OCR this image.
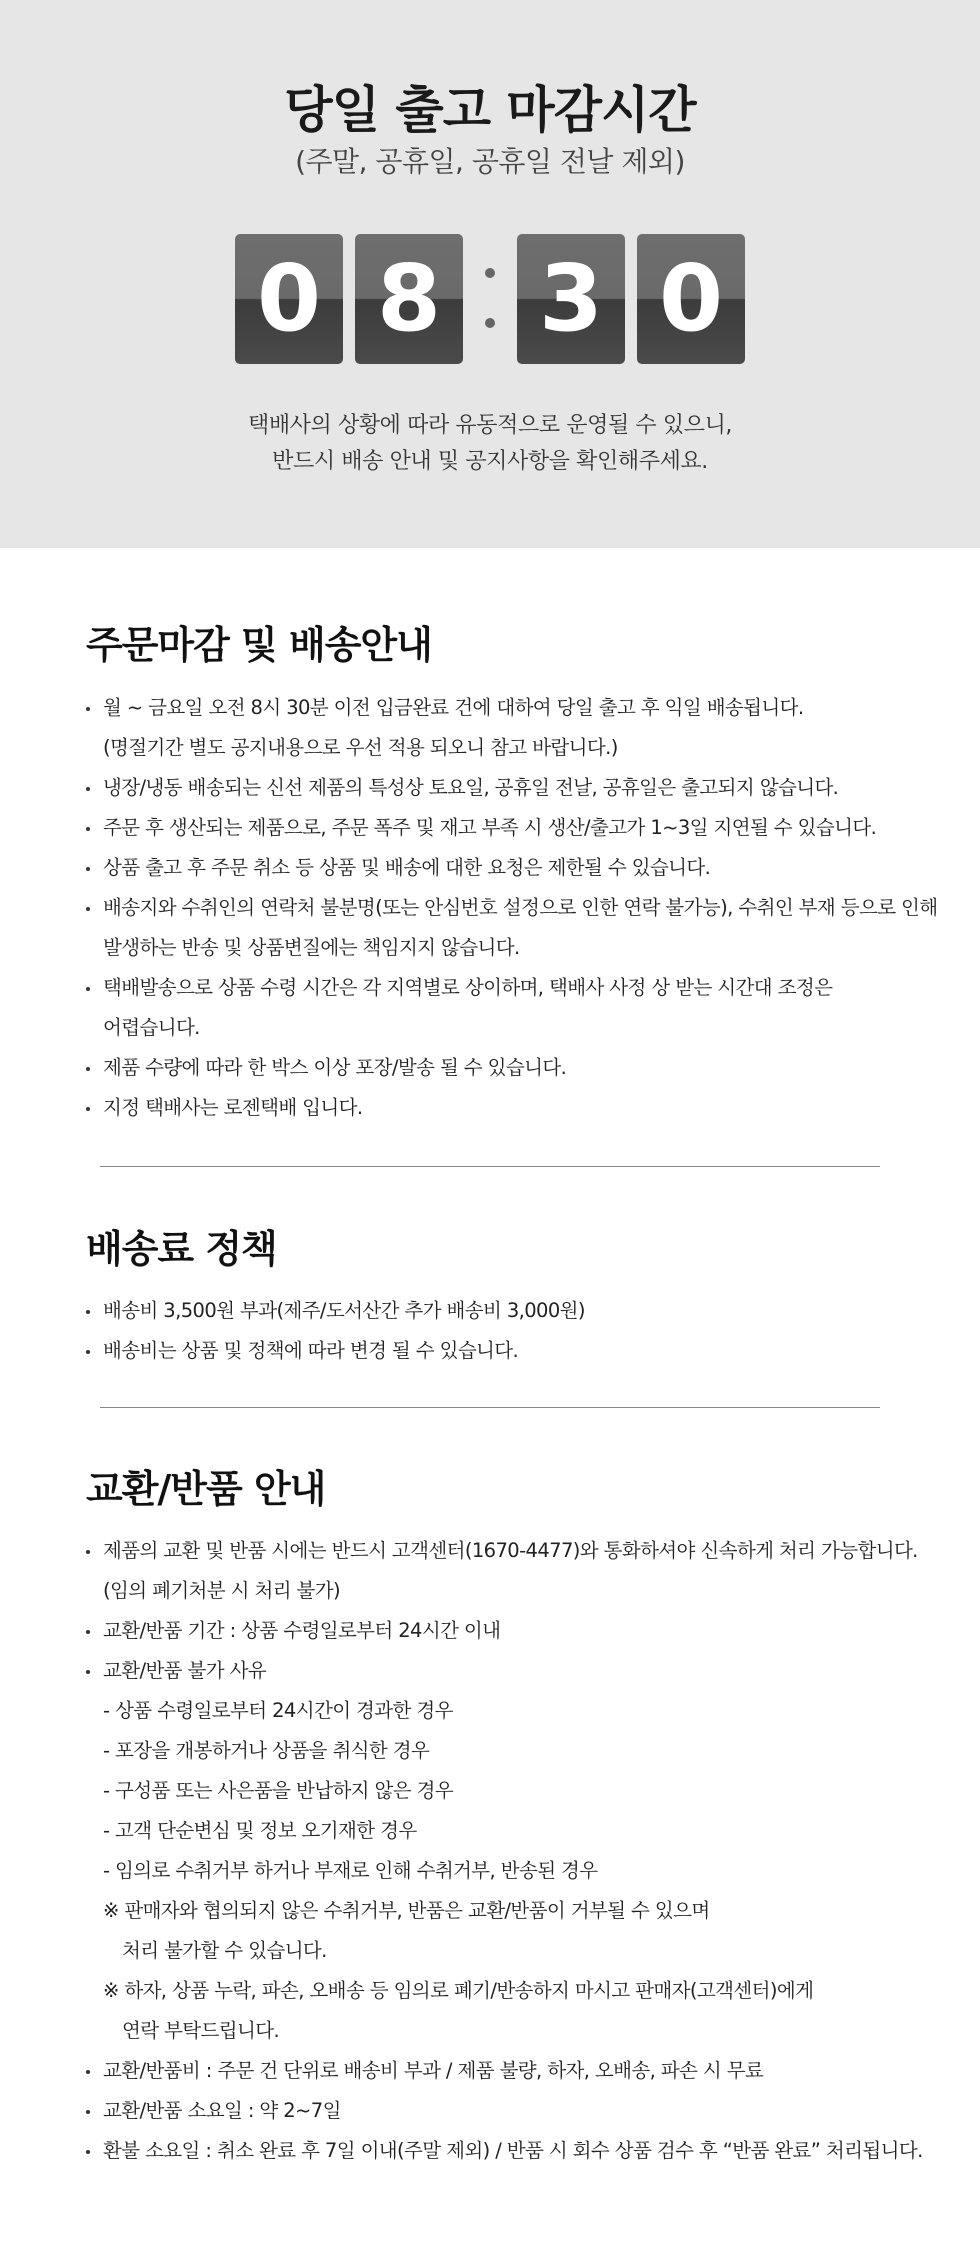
당일 출고 마감시간
(주말, 공휴일, 공휴일 전날 제외)
0 8 3 0
택배사의 상황에 따라 유동적으로 운영될 수 있으니,
반드시 배송 안내 및 공지사항을 확인해주세요.
주문마감 및 배송안내
월 ~ 금요일 오전 8시 30분 이전 입금완료 건에 대하여 당일 출고 후 익일 배송됩니다.
(명절기간 별도 공지내용으로 우선 적용 되오니 참고 바랍니다.)
냉장/냉동 배송되는 신선 제품의 특성상 토요일, 공휴일 전날, 공휴일은 출고되지 않습니다.
주문 후 생산되는 제품으로, 주문 폭주 및 재고 부족 시 생산/출고가 1~3일 지연될 수 있습니다.
상품 출고 후 주문 취소 등 상품 및 배송에 대한 요청은 제한될 수 있습니다.
배송지와 수취인의 연락처 불분명(또는 안심번호 설정으로 인한 연락 불가능), 수취인 부재 등으로 인해
발생하는 반송 및 상품변질에는 책임지지 않습니다.
택배발송으로 상품 수령 시간은 각 지역별로 상이하며, 택배사 사정 상 받는 시간대 조정은
어렵습니다.
제품 수량에 따라 한 박스 이상 포장/발송 될 수 있습니다.
지정 택배사는 로젠택배 입니다.
배송료 정책
배송비 3,500원 부과(제주/도서산간 추가 배송비 3,000원)
배송비는 상품 및 정책에 따라 변경 될 수 있습니다.
교환/반품 안내
제품의 교환 및 반품 시에는 반드시 고객센터(1670-4477)와 통화하셔야 신속하게 처리 가능합니다.
(임의 폐기처분 시 처리 불가)
교환/반품 기간 : 상품 수령일로부터 24시간 이내
교환/반품 불가 사유
- 상품 수령일로부터 24시간이 경과한 경우
- 포장을 개봉하거나 상품을 취식한 경우
- 구성품 또는 사은품을 반납하지 않은 경우
- 고객 단순변심 및 정보 오기재한 경우
- 임의로 수취거부 하거나 부재로 인해 수취거부, 반송된 경우
※ 판매자와 협의되지 않은 수취거부, 반품은 교환/반품이 거부될 수 있으며
처리 불가할 수 있습니다.
※ 하자, 상품 누락, 파손, 오배송 등 임의로 폐기/반송하지 마시고 판매자(고객센터)에게
연락 부탁드립니다.
교환/반품비 : 주문 건 단위로 배송비 부과 / 제품 불량, 하자, 오배송, 파손 시 무료
교환/반품 소요일 : 약 2~7일
환불 소요일 : 취소 완료 후 7일 이내(주말 제외) / 반품 시 회수 상품 검수 후 “반품 완료” 처리됩니다.
